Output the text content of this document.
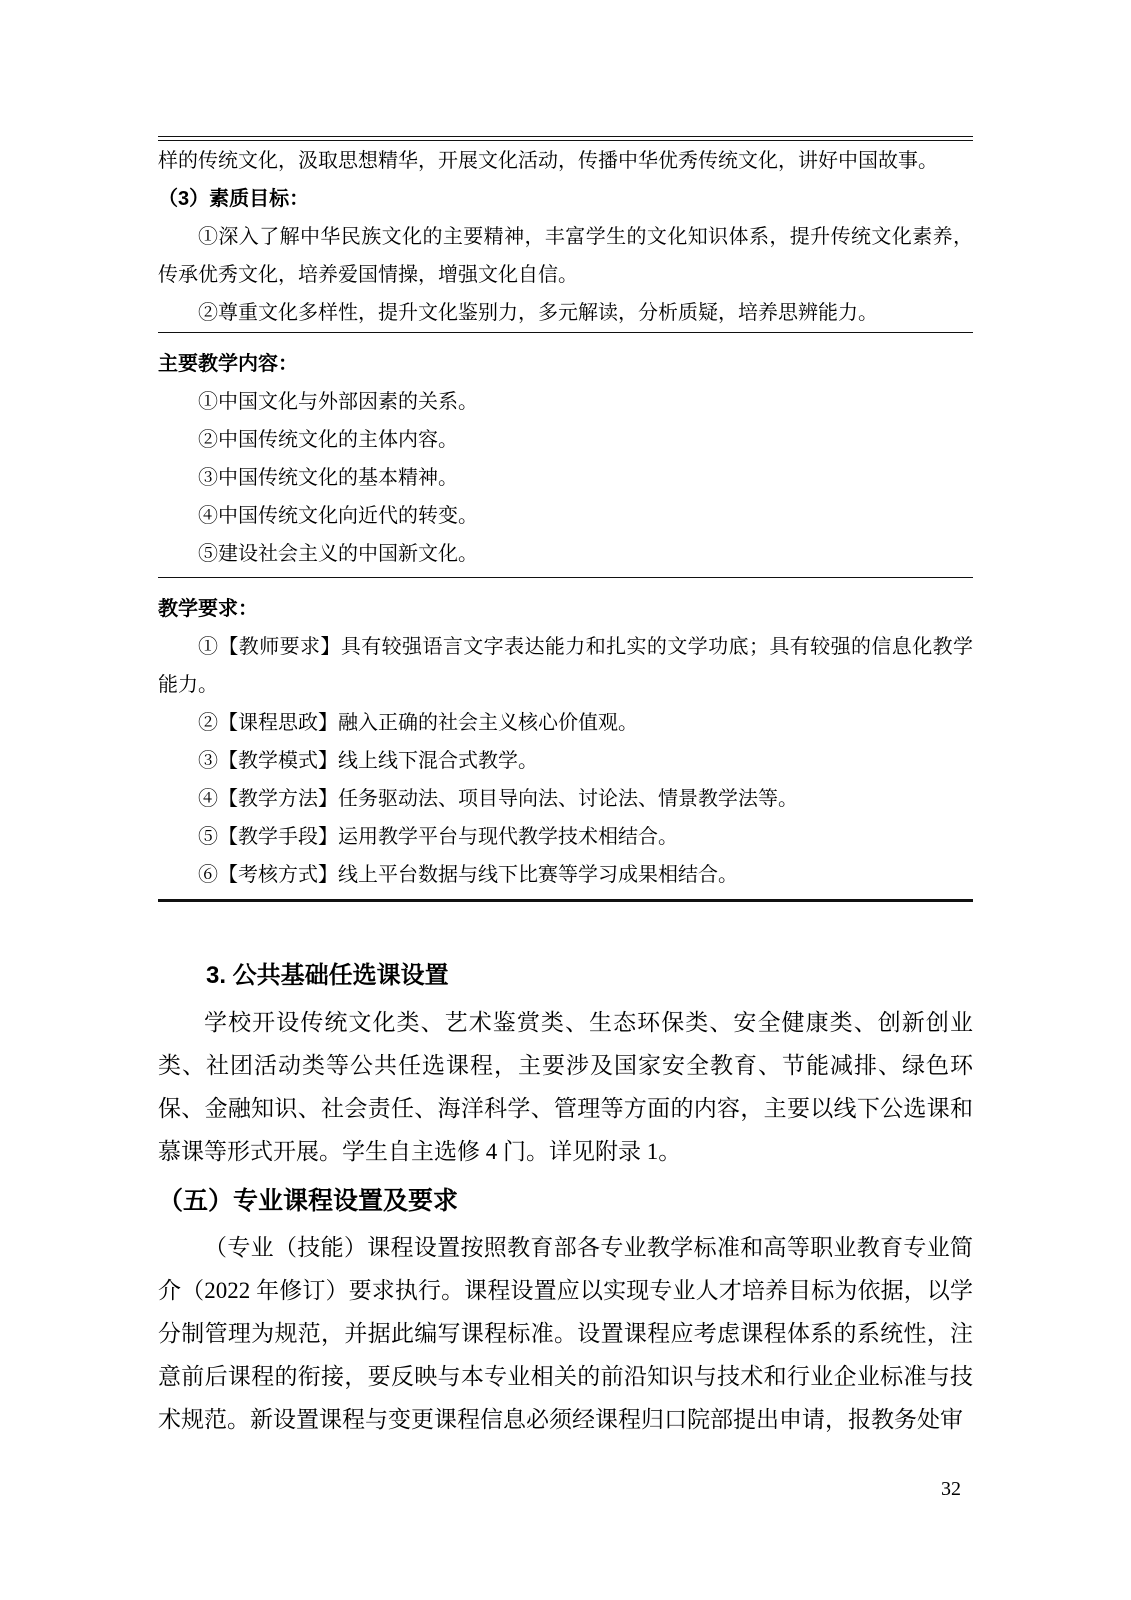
样的传统文化，汲取思想精华，开展文化活动，传播中华优秀传统文化，讲好中国故事。

（3）素质目标：

①深入了解中华民族文化的主要精神，丰富学生的文化知识体系，提升传统文化素养，传承优秀文化，培养爱国情操，增强文化自信。

②尊重文化多样性，提升文化鉴别力，多元解读，分析质疑，培养思辨能力。

主要教学内容：

①中国文化与外部因素的关系。

②中国传统文化的主体内容。

③中国传统文化的基本精神。

④中国传统文化向近代的转变。

⑤建设社会主义的中国新文化。

教学要求：

①【教师要求】具有较强语言文字表达能力和扎实的文学功底；具有较强的信息化教学能力。

②【课程思政】融入正确的社会主义核心价值观。

③【教学模式】线上线下混合式教学。

④【教学方法】任务驱动法、项目导向法、讨论法、情景教学法等。

⑤【教学手段】运用教学平台与现代教学技术相结合。

⑥【考核方式】线上平台数据与线下比赛等学习成果相结合。

3. 公共基础任选课设置

学校开设传统文化类、艺术鉴赏类、生态环保类、安全健康类、创新创业类、社团活动类等公共任选课程，主要涉及国家安全教育、节能减排、绿色环保、金融知识、社会责任、海洋科学、管理等方面的内容，主要以线下公选课和慕课等形式开展。学生自主选修 4 门。详见附录 1。

（五）专业课程设置及要求

（专业（技能）课程设置按照教育部各专业教学标准和高等职业教育专业简介（2022 年修订）要求执行。课程设置应以实现专业人才培养目标为依据，以学分制管理为规范，并据此编写课程标准。设置课程应考虑课程体系的系统性，注意前后课程的衔接，要反映与本专业相关的前沿知识与技术和行业企业标准与技术规范。新设置课程与变更课程信息必须经课程归口院部提出申请，报教务处审

32
